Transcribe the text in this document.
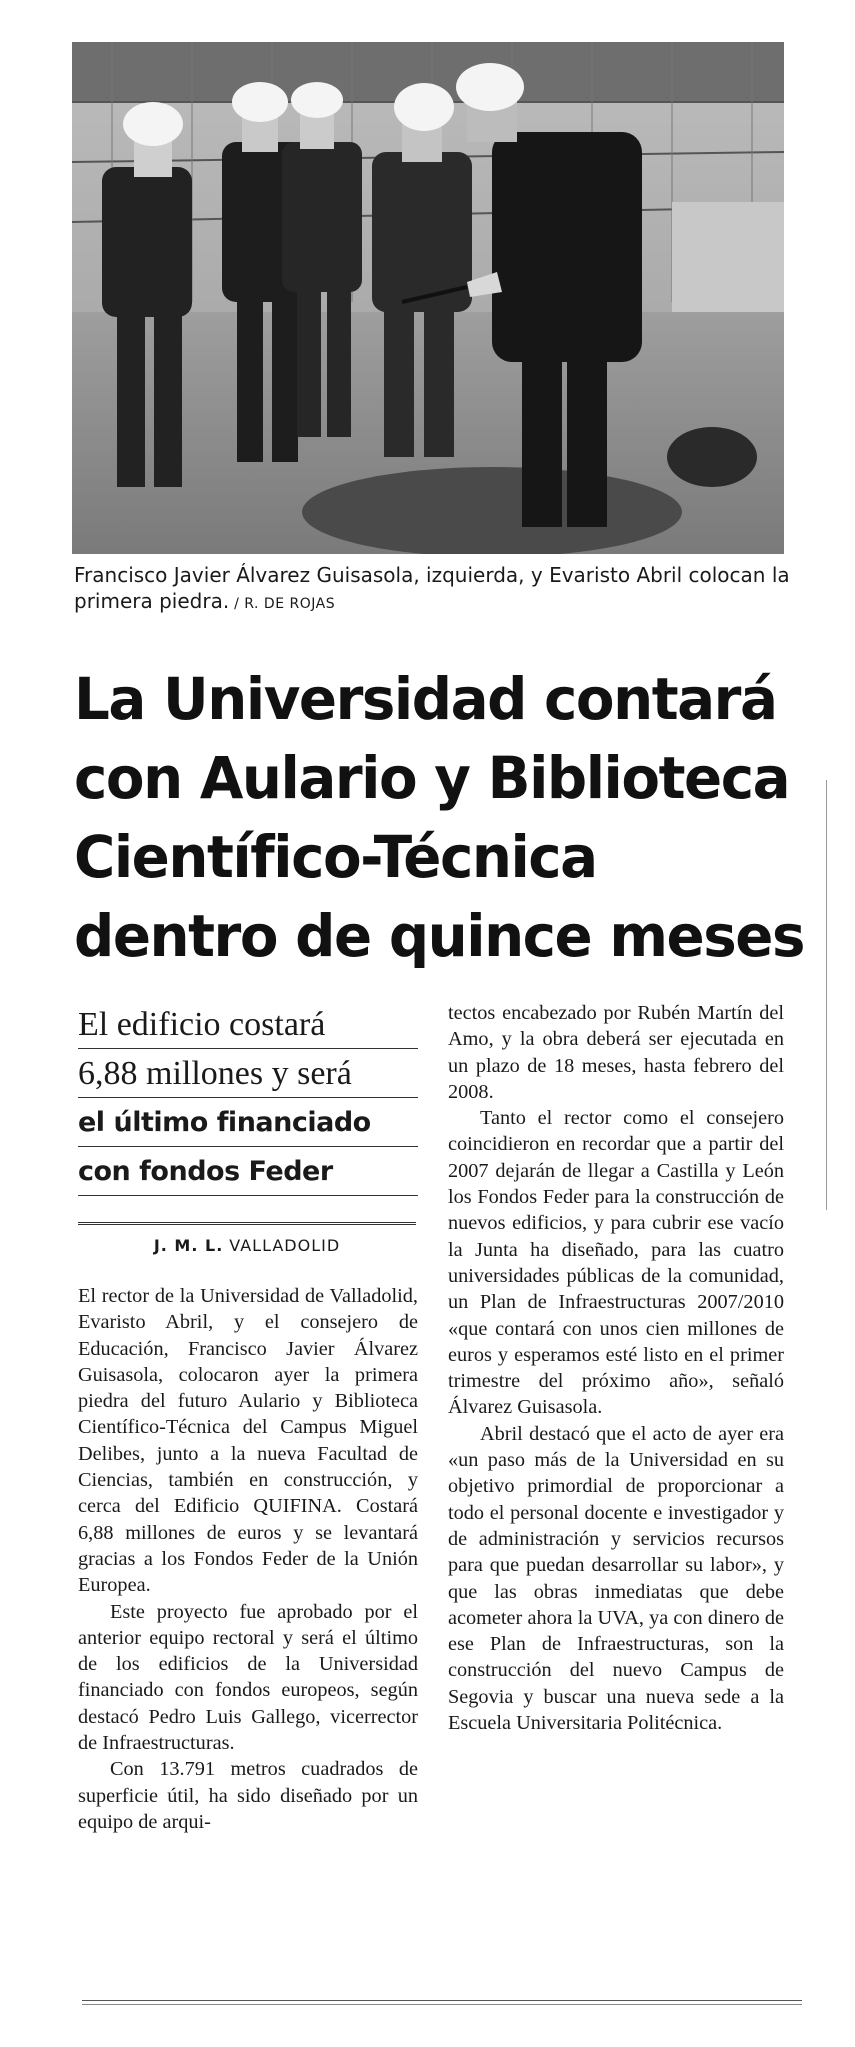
Francisco Javier Álvarez Guisasola, izquierda, y Evaristo Abril colocan la primera piedra. / R. DE ROJAS
La Universidad contará
con Aulario y Biblioteca
Científico-Técnica
dentro de quince meses
El edificio costará
6,88 millones y será
el último financiado
con fondos Feder
J. M. L. VALLADOLID

El rector de la Universidad de Valladolid, Evaristo Abril, y el consejero de Educación, Francisco Javier Álvarez Guisasola, colocaron ayer la primera piedra del futuro Aulario y Biblioteca Científico-Técnica del Campus Miguel Delibes, junto a la nueva Facultad de Ciencias, también en construcción, y cerca del Edificio QUIFINA. Costará 6,88 millones de euros y se levantará gracias a los Fondos Feder de la Unión Europea.

Este proyecto fue aprobado por el anterior equipo rectoral y será el último de los edificios de la Universidad financiado con fondos europeos, según destacó Pedro Luis Gallego, vicerrector de Infraestructuras.

Con 13.791 metros cuadrados de superficie útil, ha sido diseñado por un equipo de arqui-

tectos encabezado por Rubén Martín del Amo, y la obra deberá ser ejecutada en un plazo de 18 meses, hasta febrero del 2008.

Tanto el rector como el consejero coincidieron en recordar que a partir del 2007 dejarán de llegar a Castilla y León los Fondos Feder para la construcción de nuevos edificios, y para cubrir ese vacío la Junta ha diseñado, para las cuatro universidades públicas de la comunidad, un Plan de Infraestructuras 2007/2010 «que contará con unos cien millones de euros y esperamos esté listo en el primer trimestre del próximo año», señaló Álvarez Guisasola.

Abril destacó que el acto de ayer era «un paso más de la Universidad en su objetivo primordial de proporcionar a todo el personal docente e investigador y de administración y servicios recursos para que puedan desarrollar su labor», y que las obras inmediatas que debe acometer ahora la UVA, ya con dinero de ese Plan de Infraestructuras, son la construcción del nuevo Campus de Segovia y buscar una nueva sede a la Escuela Universitaria Politécnica.
